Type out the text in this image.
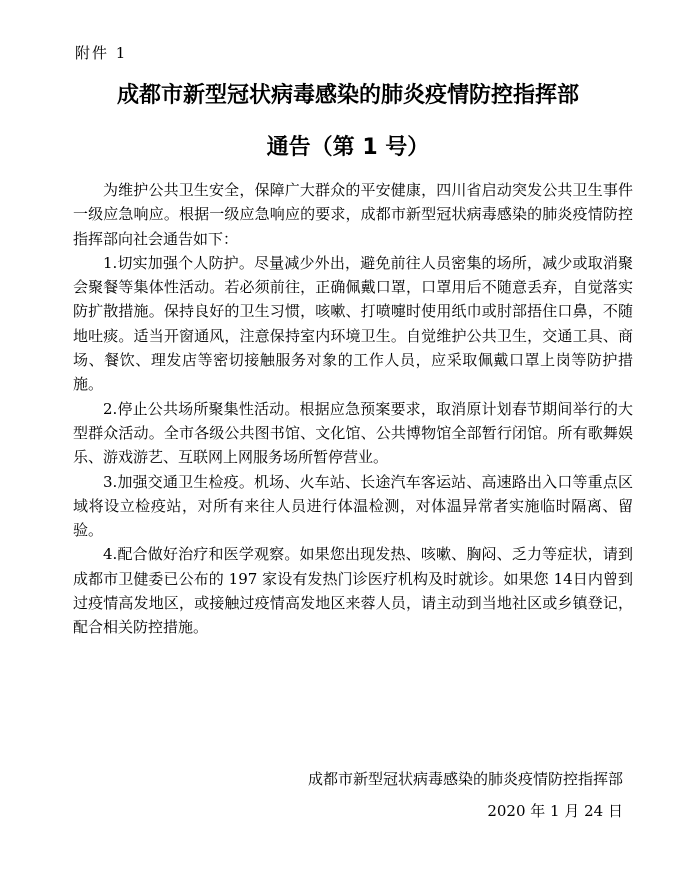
附件 1
成都市新型冠状病毒感染的肺炎疫情防控指挥部
通告（第 1 号）

为维护公共卫生安全，保障广大群众的平安健康，四川省启动突发公共卫生事件一级应急响应。根据一级应急响应的要求，成都市新型冠状病毒感染的肺炎疫情防控指挥部向社会通告如下：

1.切实加强个人防护。尽量减少外出，避免前往人员密集的场所，减少或取消聚会聚餐等集体性活动。若必须前往，正确佩戴口罩，口罩用后不随意丢弃，自觉落实防扩散措施。保持良好的卫生习惯，咳嗽、打喷嚏时使用纸巾或肘部捂住口鼻，不随地吐痰。适当开窗通风，注意保持室内环境卫生。自觉维护公共卫生，交通工具、商场、餐饮、理发店等密切接触服务对象的工作人员，应采取佩戴口罩上岗等防护措施。

2.停止公共场所聚集性活动。根据应急预案要求，取消原计划春节期间举行的大型群众活动。全市各级公共图书馆、文化馆、公共博物馆全部暂行闭馆。所有歌舞娱乐、游戏游艺、互联网上网服务场所暂停营业。

3.加强交通卫生检疫。机场、火车站、长途汽车客运站、高速路出入口等重点区域将设立检疫站，对所有来往人员进行体温检测，对体温异常者实施临时隔离、留验。

4.配合做好治疗和医学观察。如果您出现发热、咳嗽、胸闷、乏力等症状，请到成都市卫健委已公布的 197 家设有发热门诊医疗机构及时就诊。如果您 14日内曾到过疫情高发地区，或接触过疫情高发地区来蓉人员，请主动到当地社区或乡镇登记，配合相关防控措施。

成都市新型冠状病毒感染的肺炎疫情防控指挥部
2020 年 1 月 24 日
